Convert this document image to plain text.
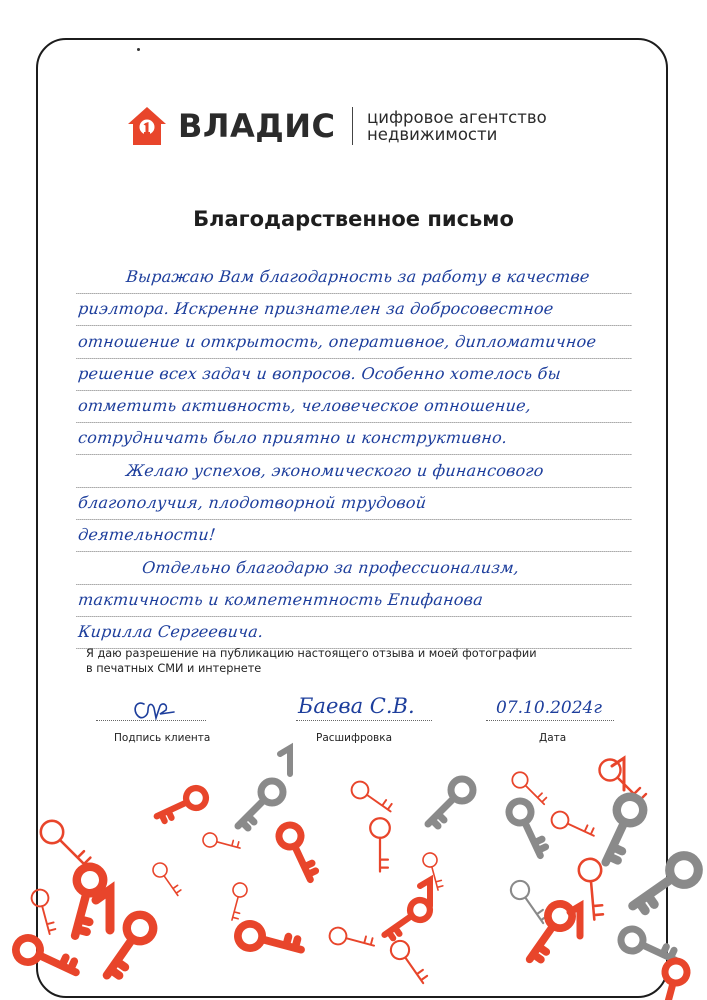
ВЛАДИС цифровое агентство
недвижимости
Благодарственное письмо
Выражаю Вам благодарность за работу в качестве
риэлтора. Искренне признателен за добросовестное
отношение и открытость, оперативное, дипломатичное
решение всех задач и вопросов. Особенно хотелось бы
отметить активность, человеческое отношение,
сотрудничать было приятно и конструктивно.
Желаю успехов, экономического и финансового
благополучия, плодотворной трудовой
деятельности!
Отдельно благодарю за профессионализм,
тактичность и компетентность Епифанова
Кирилла Сергеевича.
Я даю разрешение на публикацию настоящего отзыва и моей фотографии
в печатных СМИ и интернете
Подпись клиента
Баева С.В.
Расшифровка
07.10.2024г
Дата
